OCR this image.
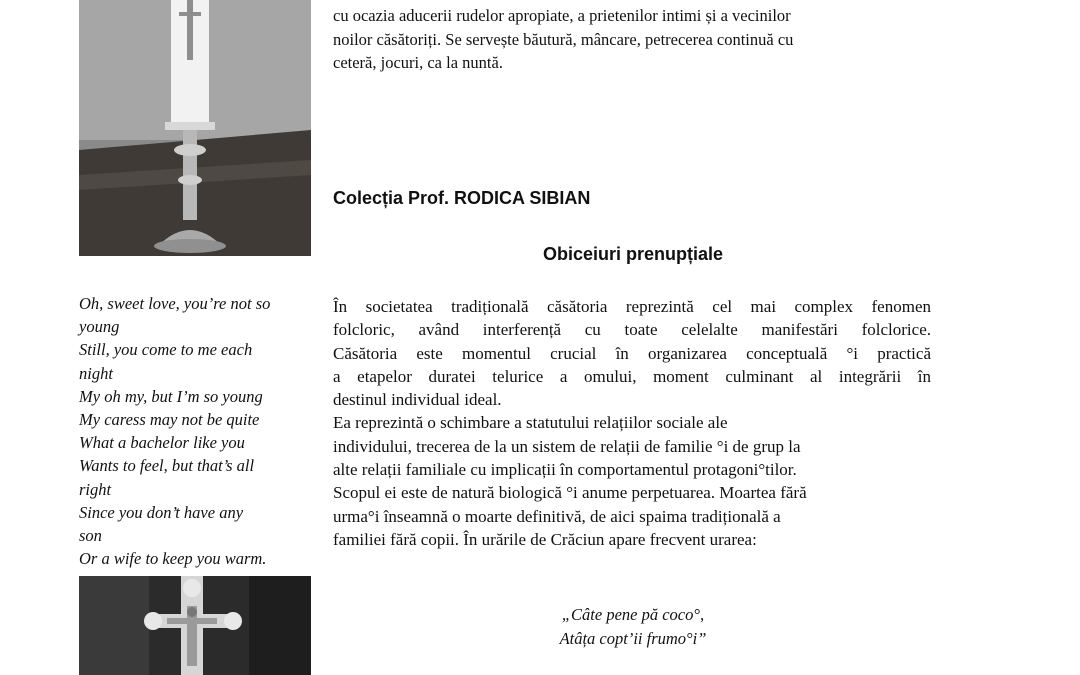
cu ocazia aducerii rudelor apropiate, a prietenilor intimi și a vecinilor
noilor căsătoriți. Se servește băutură, mâncare, petrecerea continuă cu
ceteră, jocuri, ca la nuntă.
Colecția Prof. RODICA SIBIAN
Obiceiuri prenupțiale
Oh, sweet love, you’re not so
young
Still, you come to me each
night
My oh my, but I’m so young
My caress may not be quite
What a bachelor like you
Wants to feel, but that’s all
right
Since you don’t have any
son
Or a wife to keep you warm.
În societatea tradițională căsătoria reprezintă cel mai complex fenomen
folcloric, având interferență cu toate celelalte manifestări folclorice.
Căsătoria este momentul crucial în organizarea conceptuală °i practică
a etapelor duratei telurice a omului, moment culminant al integrării în
destinul individual ideal.
Ea reprezintă o schimbare a statutului relațiilor sociale ale
individului, trecerea de la un sistem de relații de familie °i de grup la
alte relații familiale cu implicații în comportamentul protagoni°tilor.
Scopul ei este de natură biologică °i anume perpetuarea. Moartea fără
urma°i înseamnă o moarte definitivă, de aici spaima tradițională a
familiei fără copii. În urările de Crăciun apare frecvent urarea:
„Câte pene pă coco°,
Atâța copt’ii frumo°i”
